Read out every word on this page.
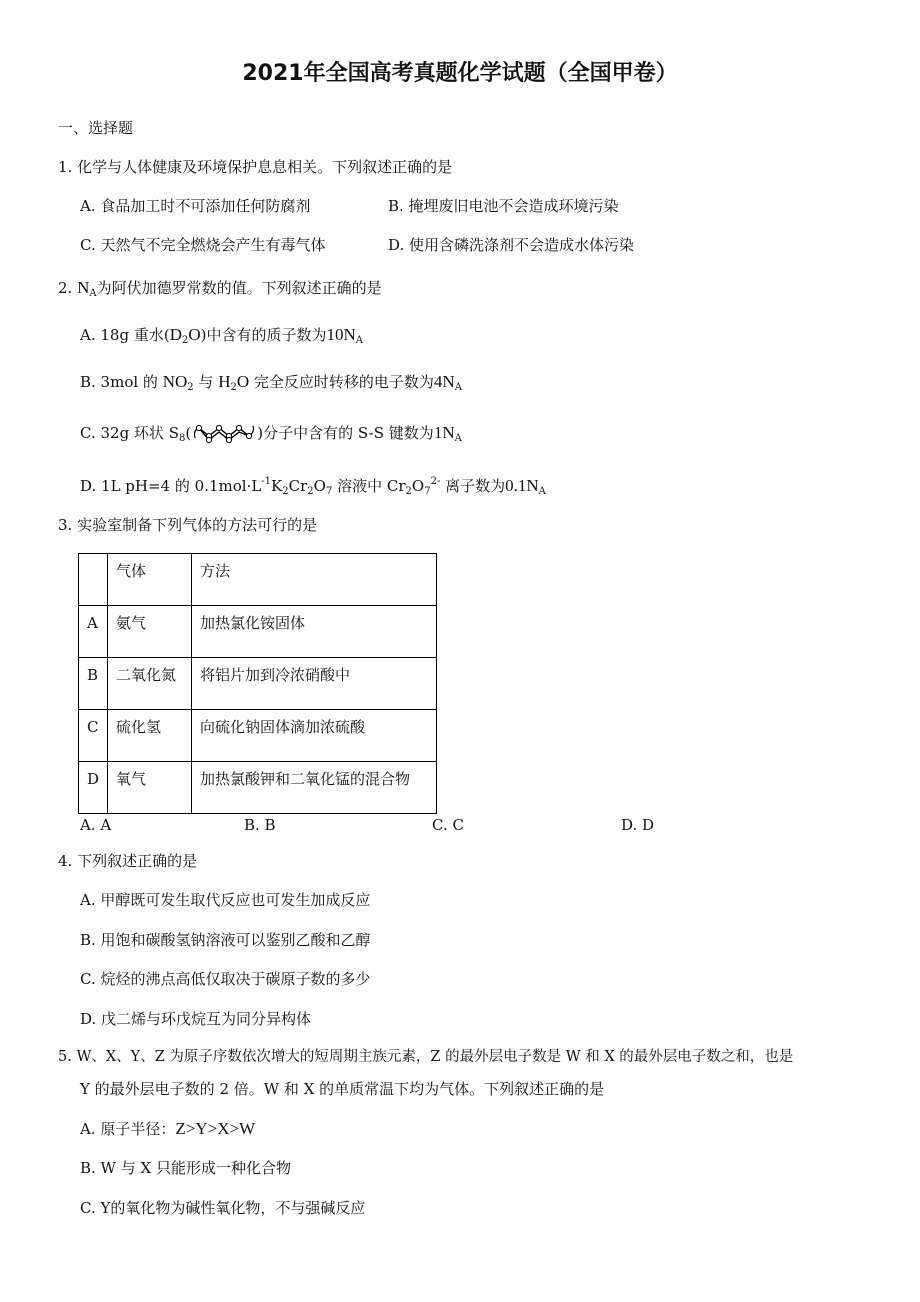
2021年全国高考真题化学试题（全国甲卷）
一、选择题
1. 化学与人体健康及环境保护息息相关。下列叙述正确的是
A. 食品加工时不可添加任何防腐剂	B. 掩埋废旧电池不会造成环境污染
C. 天然气不完全燃烧会产生有毒气体	D. 使用含磷洗涤剂不会造成水体污染
2. $N_A$为阿伏加德罗常数的值。下列叙述正确的是
A. 18g 重水$(D_2O)$中含有的质子数为$10N_A$
B. 3mol 的 $NO_2$ 与 $H_2O$ 完全反应时转移的电子数为$4N_A$
C. 32g 环状 $S_8$(	)分子中含有的 S-S 键数为$1N_A$
D. 1L pH=4 的 $0.1mol\cdot L^{-1}K_2Cr_2O_7$ 溶液中 $Cr_2O_7^{2-}$ 离子数为$0.1N_A$
3. 实验室制备下列气体的方法可行的是
	气体	方法
A	氨气	加热氯化铵固体
B	二氧化氮	将铝片加到冷浓硝酸中
C	硫化氢	向硫化钠固体滴加浓硫酸
D	氧气	加热氯酸钾和二氧化锰的混合物
A. A	B. B	C. C	D. D
4. 下列叙述正确的是
A. 甲醇既可发生取代反应也可发生加成反应
B. 用饱和碳酸氢钠溶液可以鉴别乙酸和乙醇
C. 烷烃的沸点高低仅取决于碳原子数的多少
D. 戊二烯与环戊烷互为同分异构体
5. W、X、Y、Z 为原子序数依次增大的短周期主族元素，Z 的最外层电子数是 W 和 X 的最外层电子数之和，也是
Y 的最外层电子数的 2 倍。W 和 X 的单质常温下均为气体。下列叙述正确的是
A. 原子半径：Z>Y>X>W
B. W 与 X 只能形成一种化合物
C. Y的氧化物为碱性氧化物，不与强碱反应
